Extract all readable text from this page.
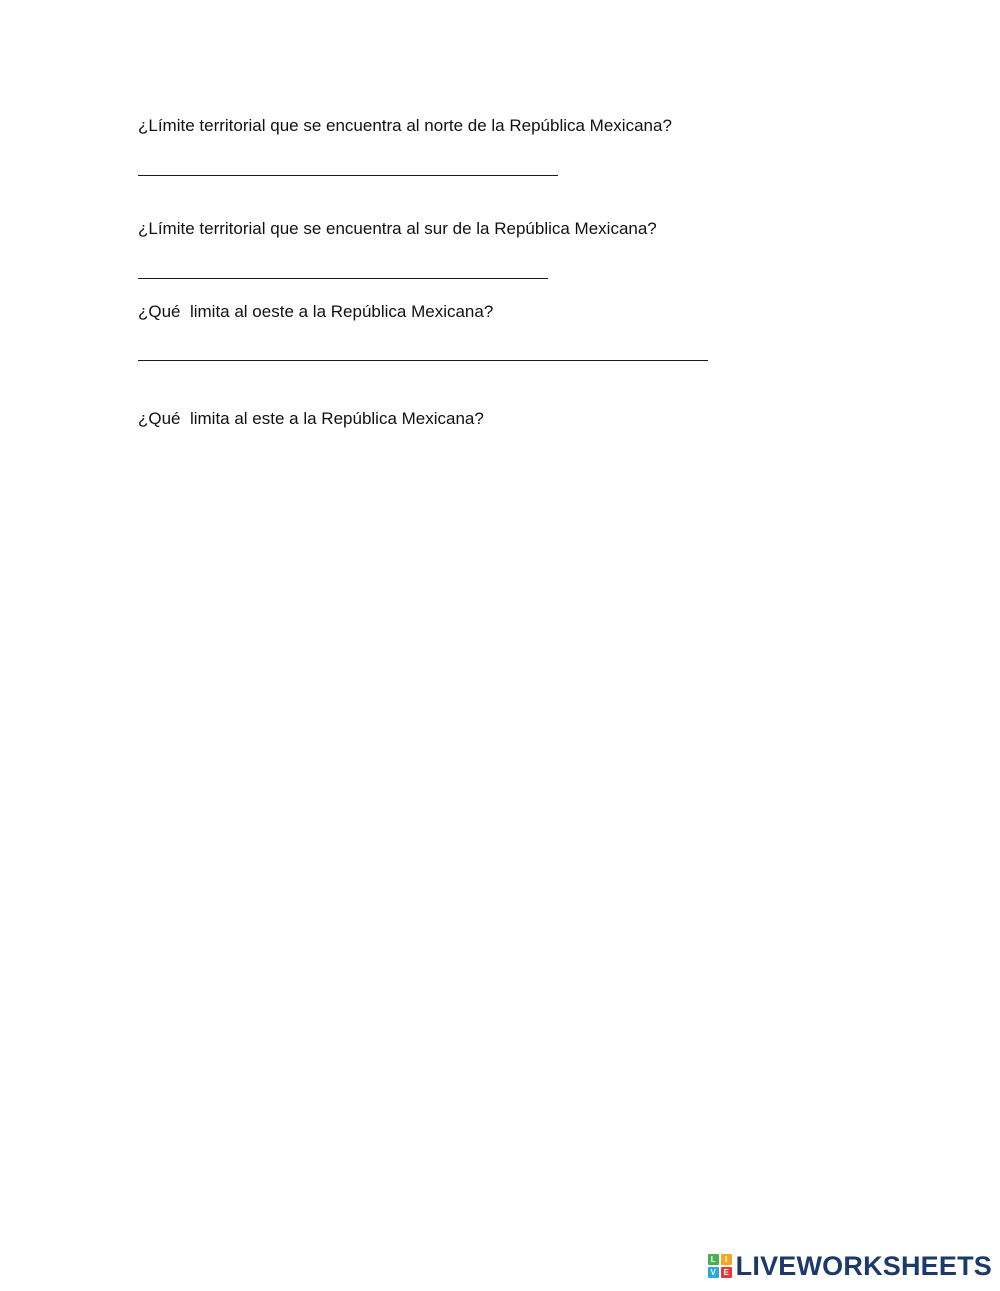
¿Límite territorial que se encuentra al norte de la República Mexicana?

¿Límite territorial que se encuentra al sur de la República Mexicana?

¿Qué  limita al oeste a la República Mexicana?

¿Qué  limita al este a la República Mexicana?

L	I
V E LIVEWORKSHEETS
